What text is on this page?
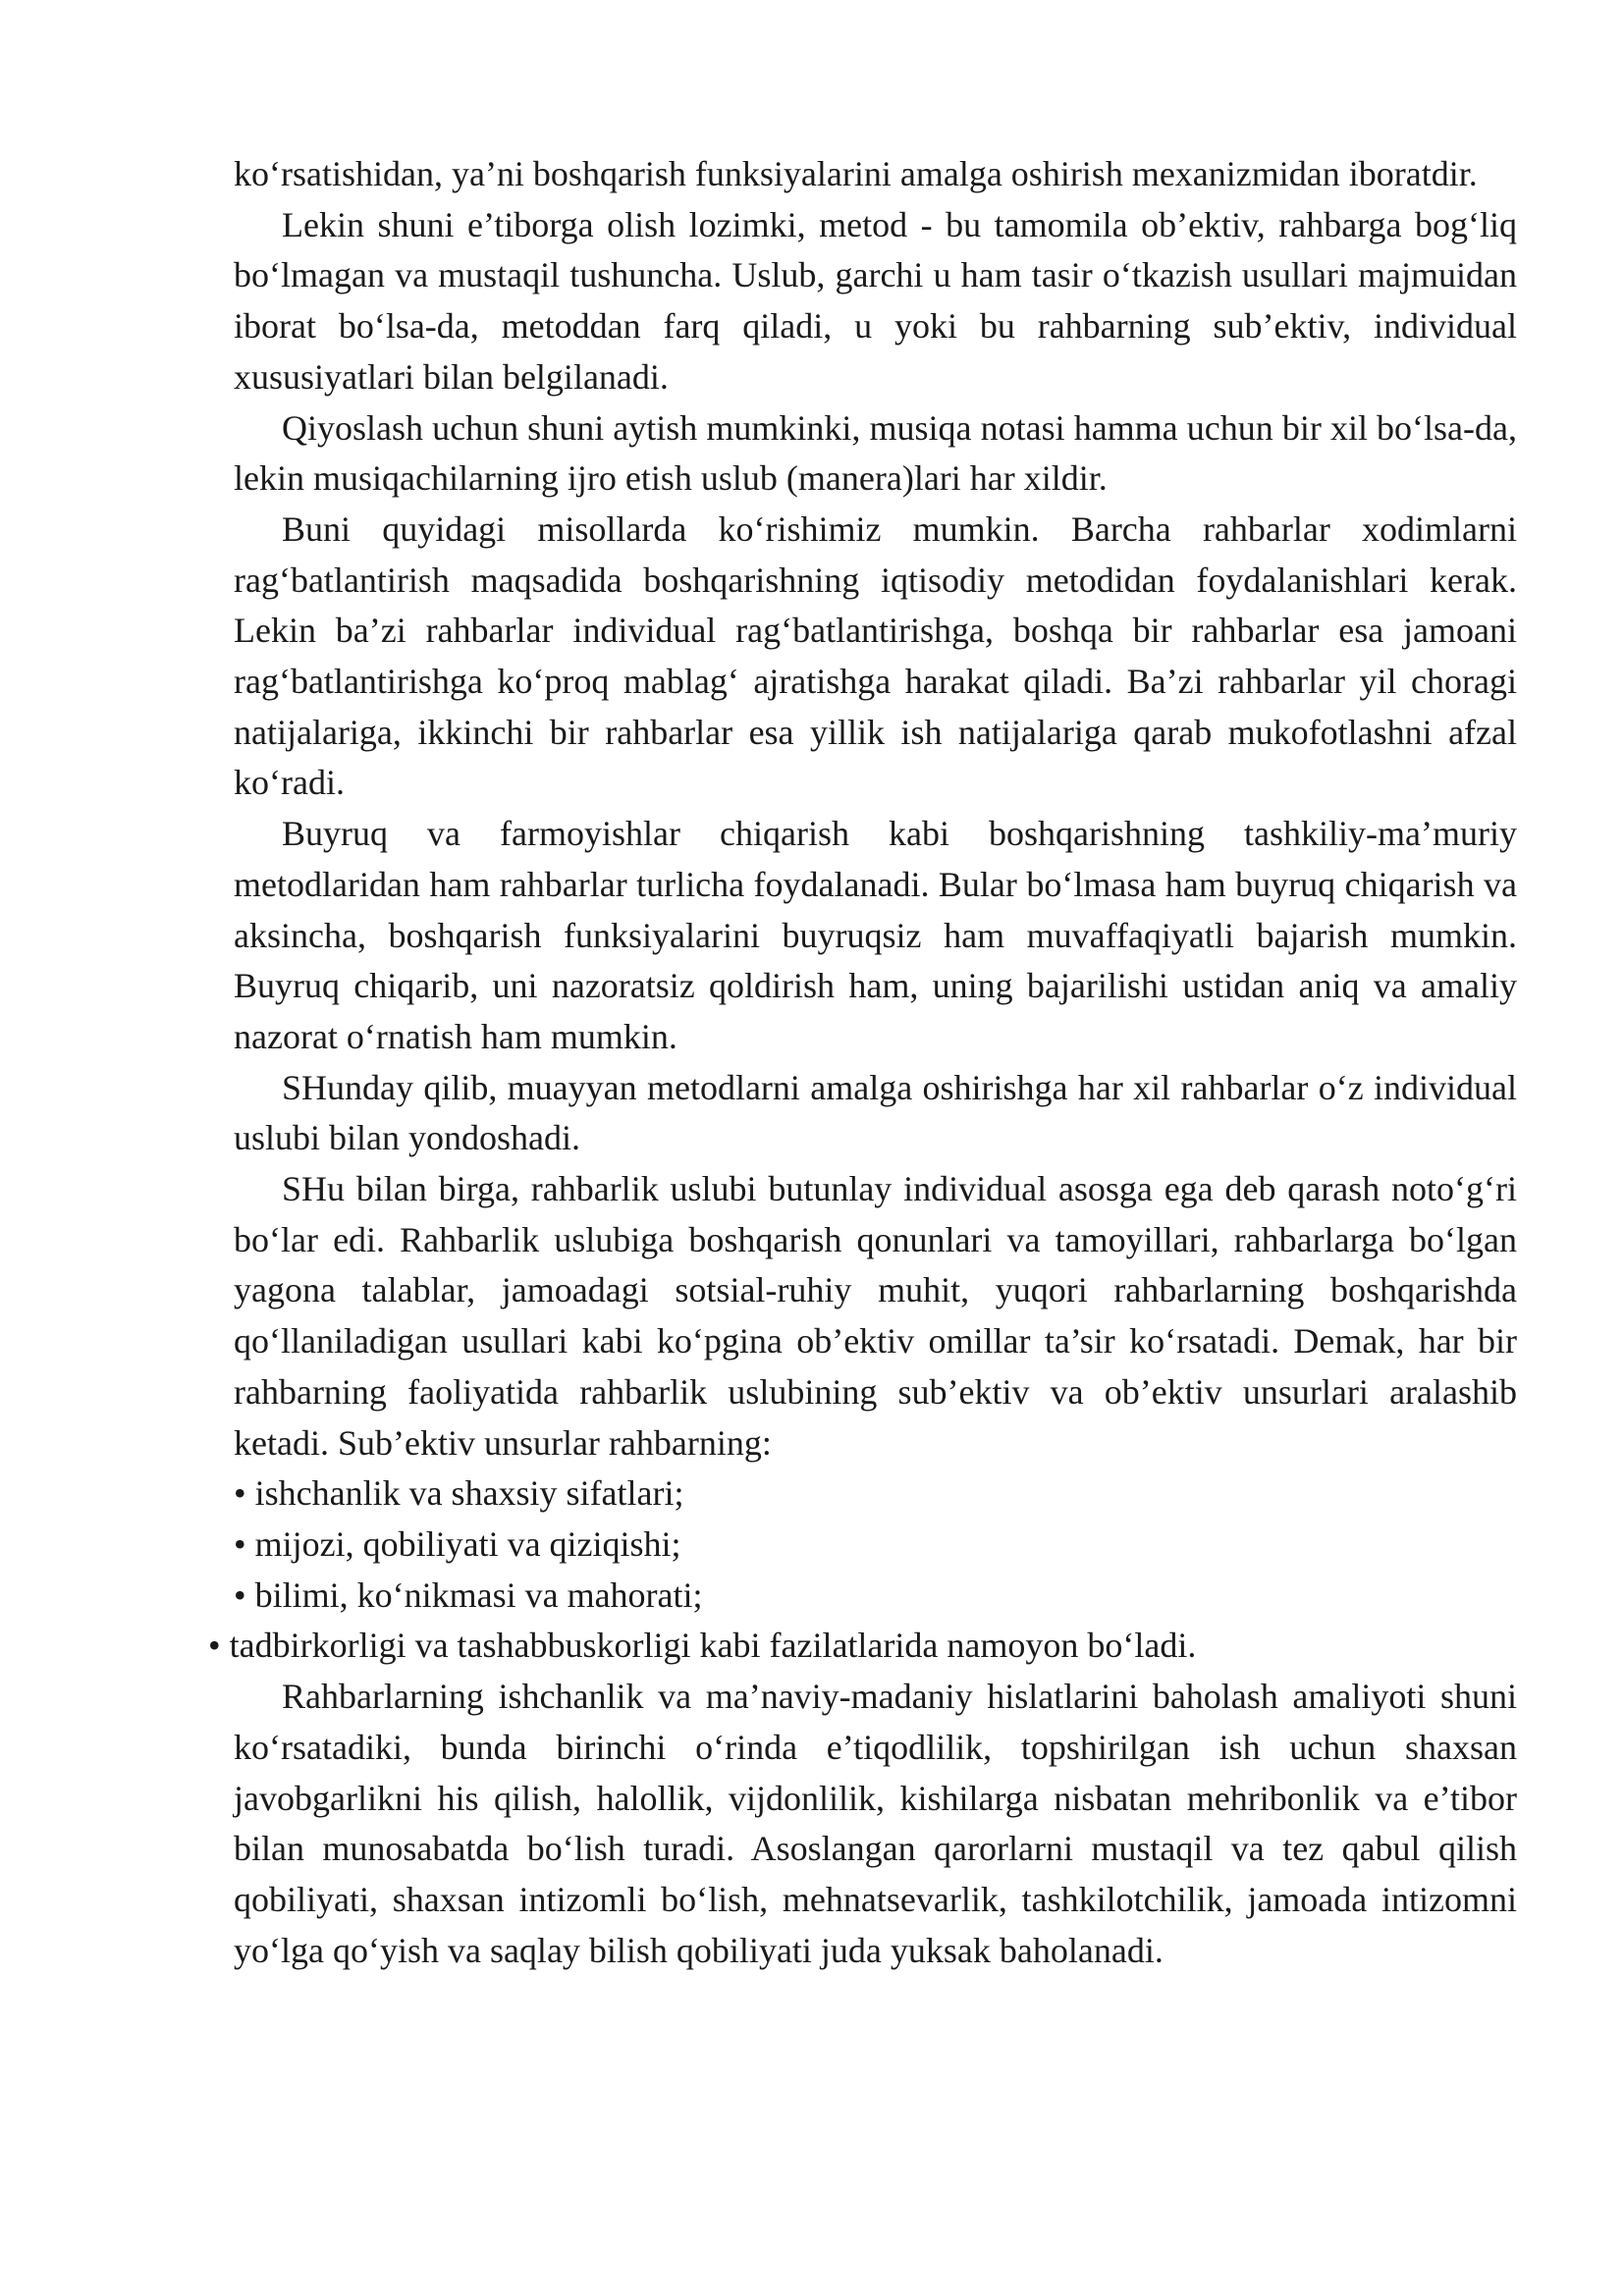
ko‘rsatishidan, ya’ni boshqarish funksiyalarini amalga oshirish mexanizmidan iboratdir.

Lekin shuni e’tiborga olish lozimki, metod - bu tamomila ob’ektiv, rahbarga bog‘liq bo‘lmagan va mustaqil tushuncha. Uslub, garchi u ham tasir o‘tkazish usullari majmuidan iborat bo‘lsa-da, metoddan farq qiladi, u yoki bu rahbarning sub’ektiv, individual xususiyatlari bilan belgilanadi.

Qiyoslash uchun shuni aytish mumkinki, musiqa notasi hamma uchun bir xil bo‘lsa-da, lekin musiqachilarning ijro etish uslub (manera)lari har xildir.

Buni quyidagi misollarda ko‘rishimiz mumkin. Barcha rahbarlar xodimlarni rag‘batlantirish maqsadida boshqarishning iqtisodiy metodidan foydalanishlari kerak. Lekin ba’zi rahbarlar individual rag‘batlantirishga, boshqa bir rahbarlar esa jamoani rag‘batlantirishga ko‘proq mablag‘ ajratishga harakat qiladi. Ba’zi rahbarlar yil choragi natijalariga, ikkinchi bir rahbarlar esa yillik ish natijalariga qarab mukofotlashni afzal ko‘radi.

Buyruq va farmoyishlar chiqarish kabi boshqarishning tashkiliy-ma’muriy metodlaridan ham rahbarlar turlicha foydalanadi. Bular bo‘lmasa ham buyruq chiqarish va aksincha, boshqarish funksiyalarini buyruqsiz ham muvaffaqiyatli bajarish mumkin. Buyruq chiqarib, uni nazoratsiz qoldirish ham, uning bajarilishi ustidan aniq va amaliy nazorat o‘rnatish ham mumkin.

SHunday qilib, muayyan metodlarni amalga oshirishga har xil rahbarlar o‘z individual uslubi bilan yondoshadi.

SHu bilan birga, rahbarlik uslubi butunlay individual asosga ega deb qarash noto‘g‘ri bo‘lar edi. Rahbarlik uslubiga boshqarish qonunlari va tamoyillari, rahbarlarga bo‘lgan yagona talablar, jamoadagi sotsial-ruhiy muhit, yuqori rahbarlarning boshqarishda qo‘llaniladigan usullari kabi ko‘pgina ob’ektiv omillar ta’sir ko‘rsatadi. Demak, har bir rahbarning faoliyatida rahbarlik uslubining sub’ektiv va ob’ektiv unsurlari aralashib ketadi. Sub’ektiv unsurlar rahbarning:

• ishchanlik va shaxsiy sifatlari;

• mijozi, qobiliyati va qiziqishi;

• bilimi, ko‘nikmasi va mahorati;

• tadbirkorligi va tashabbuskorligi kabi fazilatlarida namoyon bo‘ladi.

Rahbarlarning ishchanlik va ma’naviy-madaniy hislatlarini baholash amaliyoti shuni ko‘rsatadiki, bunda birinchi o‘rinda e’tiqodlilik, topshirilgan ish uchun shaxsan javobgarlikni his qilish, halollik, vijdonlilik, kishilarga nisbatan mehribonlik va e’tibor bilan munosabatda bo‘lish turadi. Asoslangan qarorlarni mustaqil va tez qabul qilish qobiliyati, shaxsan intizomli bo‘lish, mehnatsevarlik, tashkilotchilik, jamoada intizomni yo‘lga qo‘yish va saqlay bilish qobiliyati juda yuksak baholanadi.
